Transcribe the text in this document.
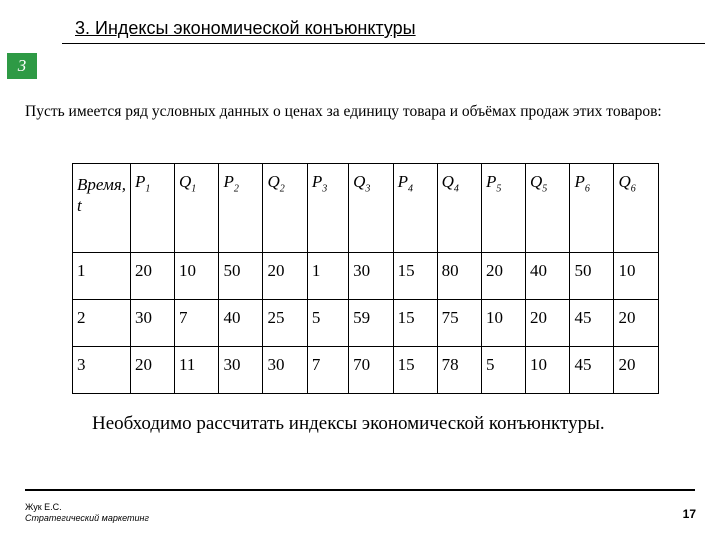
3. Индексы экономической конъюнктуры
3
Пусть имеется ряд условных данных о ценах за единицу товара и объёмах продаж этих товаров:
Время, t	$P_1$	$Q_1$	$P_2$	$Q_2$	$P_3$	$Q_3$	$P_4$	$Q_4$	$P_5$	$Q_5$	$P_6$	$Q_6$
1	20	10	50	20	1	30	15	80	20	40	50	10
2	30	7	40	25	5	59	15	75	10	20	45	20
3	20	11	30	30	7	70	15	78	5	10	45	20
Необходимо рассчитать индексы экономической конъюнктуры.
Жук Е.С.
Стратегический маркетинг	17
